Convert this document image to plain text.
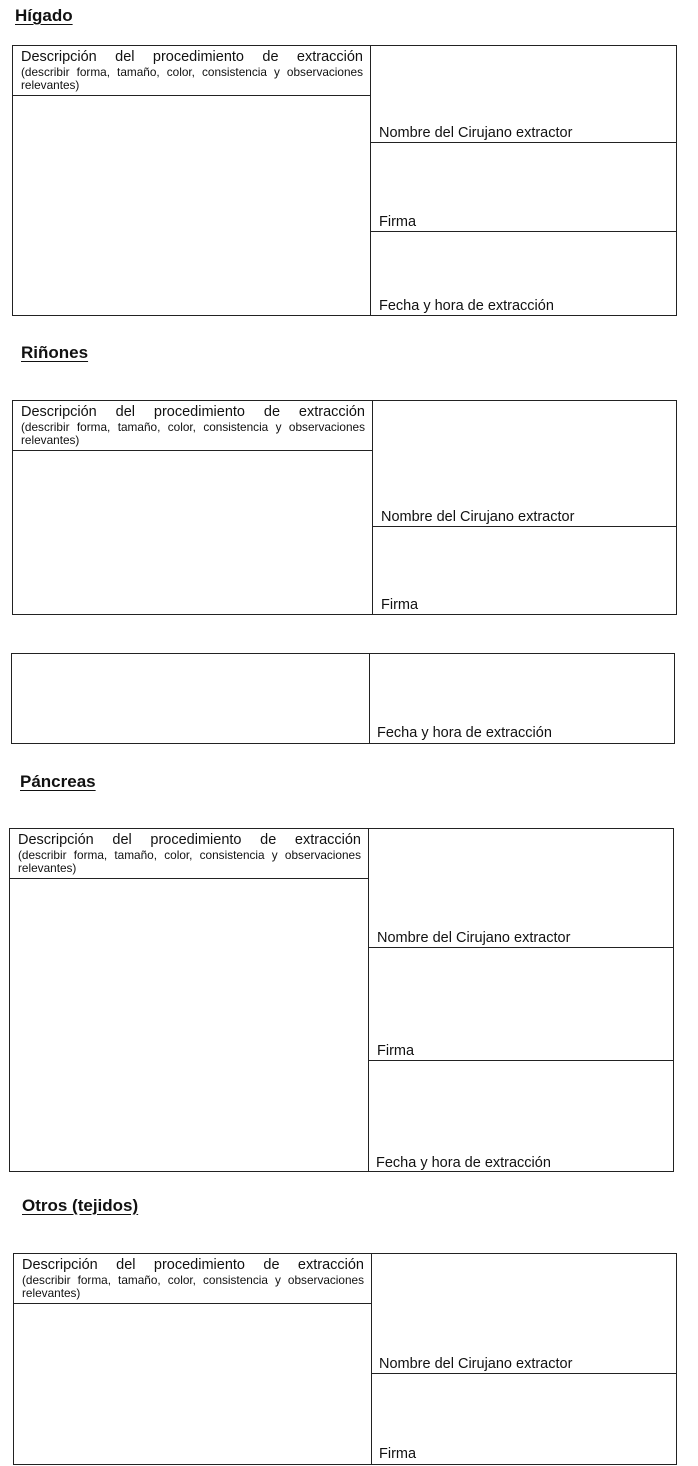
Hígado
Descripción del procedimiento de extracción
(describir forma, tamaño, color, consistencia y observaciones relevantes)
Nombre del Cirujano extractor
Firma
Fecha y hora de extracción
Riñones
Descripción del procedimiento de extracción
(describir forma, tamaño, color, consistencia y observaciones relevantes)
Nombre del Cirujano extractor
Firma
Fecha y hora de extracción
Páncreas
Descripción del procedimiento de extracción
(describir forma, tamaño, color, consistencia y observaciones relevantes)
Nombre del Cirujano extractor
Firma
Fecha y hora de extracción
Otros (tejidos)
Descripción del procedimiento de extracción
(describir forma, tamaño, color, consistencia y observaciones relevantes)
Nombre del Cirujano extractor
Firma
